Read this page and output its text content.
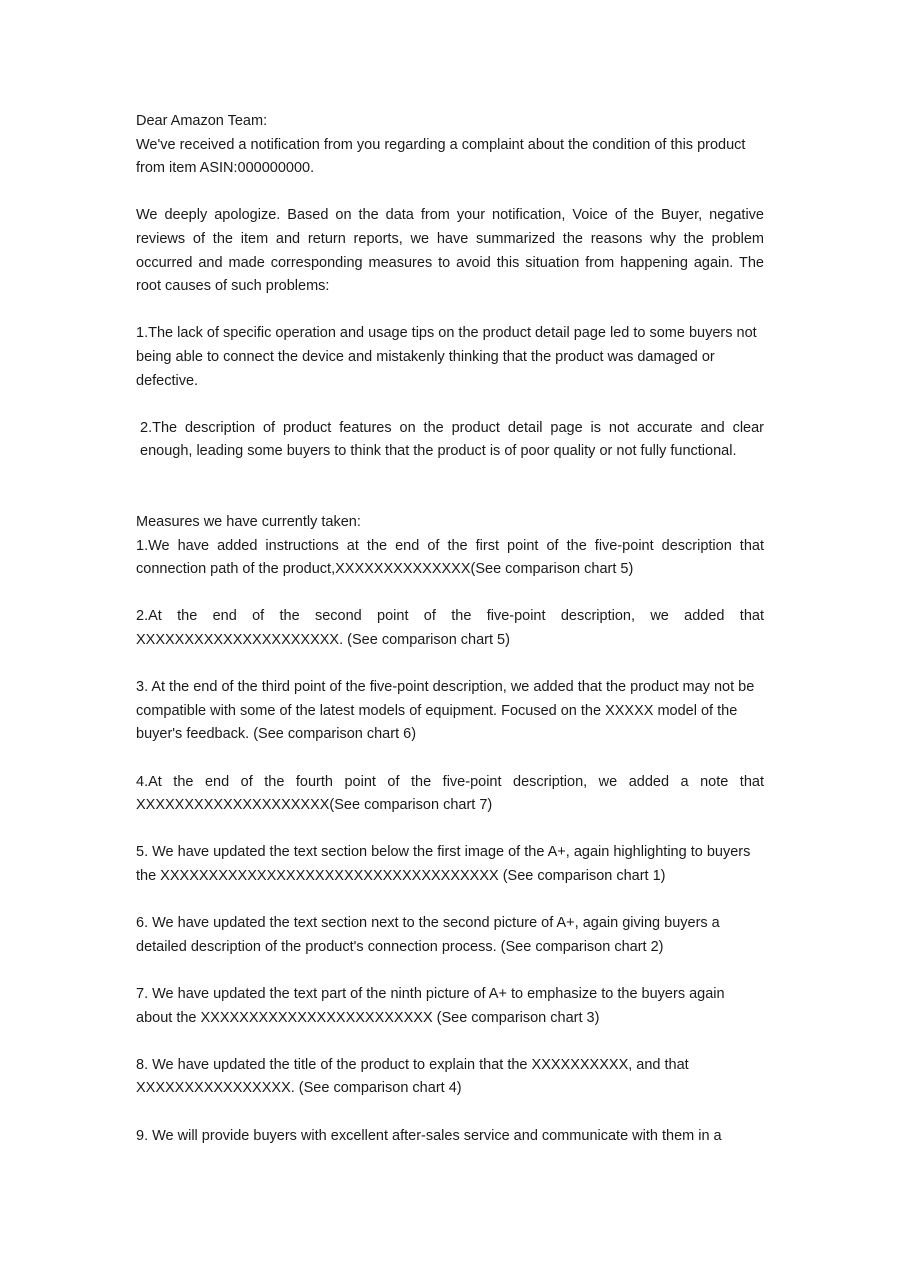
Dear Amazon Team:

We've received a notification from you regarding a complaint about the condition of this product from item ASIN:000000000.

We deeply apologize. Based on the data from your notification, Voice of the Buyer, negative reviews of the item and return reports, we have summarized the reasons why the problem occurred and made corresponding measures to avoid this situation from happening again. The root causes of such problems:

1.The lack of specific operation and usage tips on the product detail page led to some buyers not being able to connect the device and mistakenly thinking that the product was damaged or defective.

2.The description of product features on the product detail page is not accurate and clear enough, leading some buyers to think that the product is of poor quality or not fully functional.

Measures we have currently taken:

1.We have added instructions at the end of the first point of the five-point description that connection path of the product,XXXXXXXXXXXXXX(See comparison chart 5)

2.At the end of the second point of the five-point description, we added that XXXXXXXXXXXXXXXXXXXXX. (See comparison chart 5)

3. At the end of the third point of the five-point description, we added that the product may not be compatible with some of the latest models of equipment. Focused on the XXXXX model of the buyer's feedback. (See comparison chart 6)

4.At the end of the fourth point of the five-point description, we added a note that XXXXXXXXXXXXXXXXXXXX(See comparison chart 7)

5. We have updated the text section below the first image of the A+, again highlighting to buyers the XXXXXXXXXXXXXXXXXXXXXXXXXXXXXXXXXXX (See comparison chart 1)

6. We have updated the text section next to the second picture of A+, again giving buyers a detailed description of the product's connection process. (See comparison chart 2)

7. We have updated the text part of the ninth picture of A+ to emphasize to the buyers again about the XXXXXXXXXXXXXXXXXXXXXXXX (See comparison chart 3)

8. We have updated the title of the product to explain that the XXXXXXXXXX, and that XXXXXXXXXXXXXXXX. (See comparison chart 4)

9. We will provide buyers with excellent after-sales service and communicate with them in a
